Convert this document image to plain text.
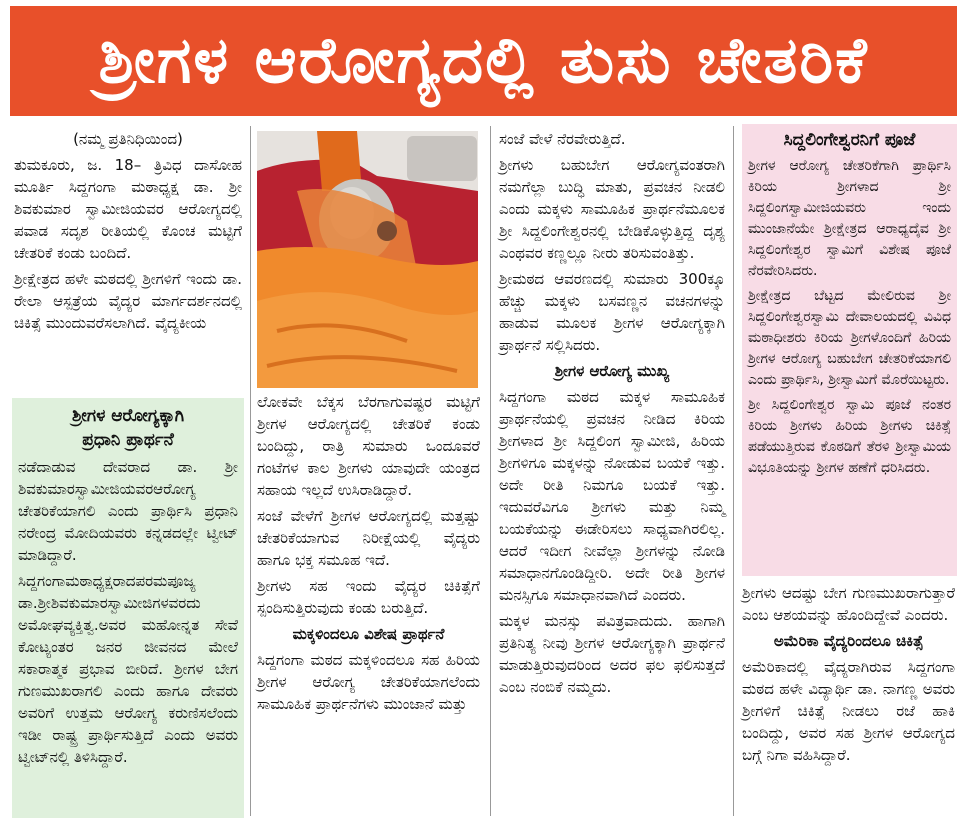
ಶ್ರೀಗಳ ಆರೋಗ್ಯದಲ್ಲಿ ತುಸು ಚೇತರಿಕೆ

(ನಮ್ಮ ಪ್ರತಿನಿಧಿಯಿಂದ)

ತುಮಕೂರು, ಜ. 18– ತ್ರಿವಿಧ ದಾಸೋಹ ಮೂರ್ತಿ ಸಿದ್ದಗಂಗಾ ಮಠಾಧ್ಯಕ್ಷ ಡಾ. ಶ್ರೀ ಶಿವಕುಮಾರ ಸ್ವಾಮೀಜಿಯವರ ಆರೋಗ್ಯದಲ್ಲಿ ಪವಾಡ ಸದೃಶ ರೀತಿಯಲ್ಲಿ ಕೊಂಚ ಮಟ್ಟಿಗೆ ಚೇತರಿಕೆ ಕಂಡು ಬಂದಿದೆ.

ಶ್ರೀಕ್ಷೇತ್ರದ ಹಳೇ ಮಠದಲ್ಲಿ ಶ್ರೀಗಳಿಗೆ ಇಂದು ಡಾ. ರೇಲಾ ಆಸ್ಪತ್ರೆಯ ವೈದ್ಯರ ಮಾರ್ಗದರ್ಶನದಲ್ಲಿ ಚಿಕಿತ್ಸೆ ಮುಂದುವರೆಸಲಾಗಿದೆ. ವೈದ್ಯಕೀಯ

ಶ್ರೀಗಳ ಆರೋಗ್ಯಕ್ಕಾಗಿ
ಪ್ರಧಾನಿ ಪ್ರಾರ್ಥನೆ

ನಡೆದಾಡುವ ದೇವರಾದ ಡಾ. ಶ್ರೀ ಶಿವಕುಮಾರಸ್ವಾಮೀಜಿಯವರಆರೋಗ್ಯ ಚೇತರಿಕೆಯಾಗಲಿ ಎಂದು ಪ್ರಾರ್ಥಿಸಿ ಪ್ರಧಾನಿ ನರೇಂದ್ರ ಮೋದಿಯವರು ಕನ್ನಡದಲ್ಲೇ ಟ್ವೀಟ್ ಮಾಡಿದ್ದಾರೆ.

ಸಿದ್ದಗಂಗಾಮಠಾಧ್ಯಕ್ಷರಾದಪರಮಪೂಜ್ಯ ಡಾ.ಶ್ರೀಶಿವಕುಮಾರಸ್ವಾಮೀಜಿಗಳವರದು ಅಮೋಘವ್ಯಕ್ತಿತ್ವ.ಅವರ ಮಹೋನ್ನತ ಸೇವೆ ಕೋಟ್ಯಂತರ ಜನರ ಜೀವನದ ಮೇಲೆ ಸಕಾರಾತ್ಮಕ ಪ್ರಭಾವ ಬೀರಿದೆ. ಶ್ರೀಗಳ ಬೇಗ ಗುಣಮುಖರಾಗಲಿ ಎಂದು ಹಾಗೂ ದೇವರು ಅವರಿಗೆ ಉತ್ತಮ ಆರೋಗ್ಯ ಕರುಣಿಸಲೆಂದು ಇಡೀ ರಾಷ್ಟ್ರ ಪ್ರಾರ್ಥಿಸುತ್ತಿದೆ ಎಂದು ಅವರು ಟ್ವೀಟ್‌ನಲ್ಲಿ ತಿಳಿಸಿದ್ದಾರೆ.

ಲೋಕವೇ ಬೆಕ್ಕಸ ಬೆರಗಾಗುವಷ್ಟರ ಮಟ್ಟಿಗೆ ಶ್ರೀಗಳ ಆರೋಗ್ಯದಲ್ಲಿ ಚೇತರಿಕೆ ಕಂಡು ಬಂದಿದ್ದು, ರಾತ್ರಿ ಸುಮಾರು ಒಂದೂವರೆ ಗಂಟೆಗಳ ಕಾಲ ಶ್ರೀಗಳು ಯಾವುದೇ ಯಂತ್ರದ ಸಹಾಯ ಇಲ್ಲದೆ ಉಸಿರಾಡಿದ್ದಾರೆ.

ಸಂಜೆ ವೇಳೆಗೆ ಶ್ರೀಗಳ ಆರೋಗ್ಯದಲ್ಲಿ ಮತ್ತಷ್ಟು ಚೇತರಿಕೆಯಾಗುವ ನಿರೀಕ್ಷೆಯಲ್ಲಿ ವೈದ್ಯರು ಹಾಗೂ ಭಕ್ತ ಸಮೂಹ ಇದೆ.

ಶ್ರೀಗಳು ಸಹ ಇಂದು ವೈದ್ಯರ ಚಿಕಿತ್ಸೆಗೆ ಸ್ಪಂದಿಸುತ್ತಿರುವುದು ಕಂಡು ಬರುತ್ತಿದೆ.

ಮಕ್ಕಳಿಂದಲೂ ವಿಶೇಷ ಪ್ರಾರ್ಥನೆ

ಸಿದ್ದಗಂಗಾ ಮಠದ ಮಕ್ಕಳಿಂದಲೂ ಸಹ ಹಿರಿಯ ಶ್ರೀಗಳ ಆರೋಗ್ಯ ಚೇತರಿಕೆಯಾಗಲೆಂದು ಸಾಮೂಹಿಕ ಪ್ರಾರ್ಥನೆಗಳು ಮುಂಜಾನೆ ಮತ್ತು

ಸಂಜೆ ವೇಳೆ ನೆರವೇರುತ್ತಿದೆ.

ಶ್ರೀಗಳು ಬಹುಬೇಗ ಆರೋಗ್ಯವಂತರಾಗಿ ನಮಗೆಲ್ಲಾ ಬುದ್ಧಿ ಮಾತು, ಪ್ರವಚನ ನೀಡಲಿ ಎಂದು ಮಕ್ಕಳು ಸಾಮೂಹಿಕ ಪ್ರಾರ್ಥನೆಮೂಲಕ ಶ್ರೀ ಸಿದ್ದಲಿಂಗೇಶ್ವರನಲ್ಲಿ ಬೇಡಿಕೊಳ್ಳುತ್ತಿದ್ದ ದೃಶ್ಯ ಎಂಥವರ ಕಣ್ಣಲ್ಲೂ ನೀರು ತರಿಸುವಂತಿತ್ತು.

ಶ್ರೀಮಠದ ಆವರಣದಲ್ಲಿ ಸುಮಾರು 300ಕ್ಕೂ ಹೆಚ್ಚು ಮಕ್ಕಳು ಬಸವಣ್ಣನ ವಚನಗಳನ್ನು ಹಾಡುವ ಮೂಲಕ ಶ್ರೀಗಳ ಆರೋಗ್ಯಕ್ಕಾಗಿ ಪ್ರಾರ್ಥನೆ ಸಲ್ಲಿಸಿದರು.

ಶ್ರೀಗಳ ಆರೋಗ್ಯ ಮುಖ್ಯ

ಸಿದ್ದಗಂಗಾ ಮಠದ ಮಕ್ಕಳ ಸಾಮೂಹಿಕ ಪ್ರಾರ್ಥನೆಯಲ್ಲಿ ಪ್ರವಚನ ನೀಡಿದ ಕಿರಿಯ ಶ್ರೀಗಳಾದ ಶ್ರೀ ಸಿದ್ದಲಿಂಗ ಸ್ವಾಮೀಜಿ, ಹಿರಿಯ ಶ್ರೀಗಳಿಗೂ ಮಕ್ಕಳನ್ನು ನೋಡುವ ಬಯಕೆ ಇತ್ತು. ಅದೇ ರೀತಿ ನಿಮಗೂ ಬಯಕೆ ಇತ್ತು. ಇದುವರೆವಿಗೂ ಶ್ರೀಗಳು ಮತ್ತು ನಿಮ್ಮ ಬಯಕೆಯನ್ನು ಈಡೇರಿಸಲು ಸಾಧ್ಯವಾಗಿರಲಿಲ್ಲ. ಆದರೆ ಇದೀಗ ನೀವೆಲ್ಲಾ ಶ್ರೀಗಳನ್ನು ನೋಡಿ ಸಮಾಧಾನಗೊಂಡಿದ್ದೀರಿ. ಅದೇ ರೀತಿ ಶ್ರೀಗಳ ಮನಸ್ಸಿಗೂ ಸಮಾಧಾನವಾಗಿದೆ ಎಂದರು.

ಮಕ್ಕಳ ಮನಸ್ಸು ಪವಿತ್ರವಾದುದು. ಹಾಗಾಗಿ ಪ್ರತಿನಿತ್ಯ ನೀವು ಶ್ರೀಗಳ ಆರೋಗ್ಯಕ್ಕಾಗಿ ಪ್ರಾರ್ಥನೆ ಮಾಡುತ್ತಿರುವುದರಿಂದ ಅದರ ಫಲ ಫಲಿಸುತ್ತದೆ ಎಂಬ ನಂಬಿಕೆ ನಮ್ಮದು.

ಸಿದ್ದಲಿಂಗೇಶ್ವರನಿಗೆ ಪೂಜೆ

ಶ್ರೀಗಳ ಆರೋಗ್ಯ ಚೇತರಿಕೆಗಾಗಿ ಪ್ರಾರ್ಥಿಸಿ ಕಿರಿಯ ಶ್ರೀಗಳಾದ ಶ್ರೀ ಸಿದ್ದಲಿಂಗಸ್ವಾಮೀಜಿಯವರು ಇಂದು ಮುಂಜಾನೆಯೇ ಶ್ರೀಕ್ಷೇತ್ರದ ಆರಾಧ್ಯದೈವ ಶ್ರೀ ಸಿದ್ದಲಿಂಗೇಶ್ವರ ಸ್ವಾಮಿಗೆ ವಿಶೇಷ ಪೂಜೆ ನೆರವೇರಿಸಿದರು.

ಶ್ರೀಕ್ಷೇತ್ರದ ಬೆಟ್ಟದ ಮೇಲಿರುವ ಶ್ರೀ ಸಿದ್ದಲಿಂಗೇಶ್ವರಸ್ವಾಮಿ ದೇವಾಲಯದಲ್ಲಿ ವಿವಿಧ ಮಠಾಧೀಶರು ಕಿರಿಯ ಶ್ರೀಗಳೊಂದಿಗೆ ಹಿರಿಯ ಶ್ರೀಗಳ ಆರೋಗ್ಯ ಬಹುಬೇಗ ಚೇತರಿಕೆಯಾಗಲಿ ಎಂದು ಪ್ರಾರ್ಥಿಸಿ, ಶ್ರೀಸ್ವಾಮಿಗೆ ಮೊರೆಯಿಟ್ಟರು.

ಶ್ರೀ ಸಿದ್ದಲಿಂಗೇಶ್ವರ ಸ್ವಾಮಿ ಪೂಜೆ ನಂತರ ಕಿರಿಯ ಶ್ರೀಗಳು ಹಿರಿಯ ಶ್ರೀಗಳು ಚಿಕಿತ್ಸೆ ಪಡೆಯುತ್ತಿರುವ ಕೊಠಡಿಗೆ ತೆರಳಿ ಶ್ರೀಸ್ವಾಮಿಯ ವಿಭೂತಿಯನ್ನು ಶ್ರೀಗಳ ಹಣೆಗೆ ಧರಿಸಿದರು.

ಶ್ರೀಗಳು ಆದಷ್ಟು ಬೇಗ ಗುಣಮುಖರಾಗುತ್ತಾರೆ ಎಂಬ ಆಶಯವನ್ನು ಹೊಂದಿದ್ದೇವೆ ಎಂದರು.

ಅಮೆರಿಕಾ ವೈದ್ಯರಿಂದಲೂ ಚಿಕಿತ್ಸೆ

ಅಮೆರಿಕಾದಲ್ಲಿ ವೈದ್ಯರಾಗಿರುವ ಸಿದ್ದಗಂಗಾ ಮಠದ ಹಳೇ ವಿದ್ಯಾರ್ಥಿ ಡಾ. ನಾಗಣ್ಣ ಅವರು ಶ್ರೀಗಳಿಗೆ ಚಿಕಿತ್ಸೆ ನೀಡಲು ರಜೆ ಹಾಕಿ ಬಂದಿದ್ದು, ಅವರ ಸಹ ಶ್ರೀಗಳ ಆರೋಗ್ಯದ ಬಗ್ಗೆ ನಿಗಾ ವಹಿಸಿದ್ದಾರೆ.
